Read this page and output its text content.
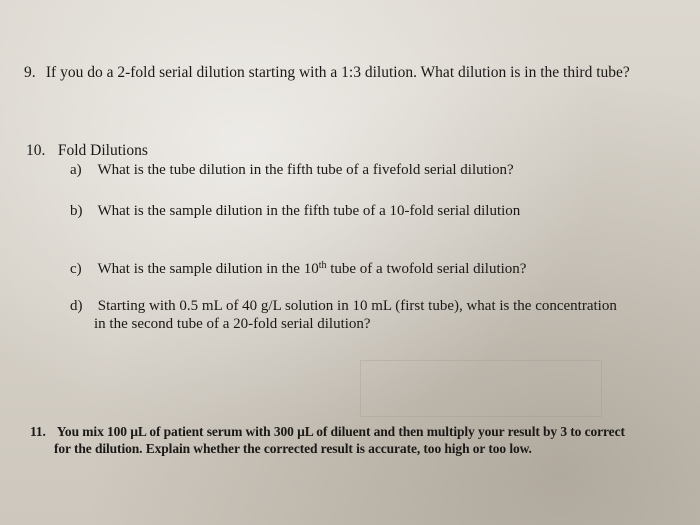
9. If you do a 2-fold serial dilution starting with a 1:3 dilution. What dilution is in the third tube?

10. Fold Dilutions

a) What is the tube dilution in the fifth tube of a fivefold serial dilution?

b) What is the sample dilution in the fifth tube of a 10-fold serial dilution

c) What is the sample dilution in the 10th tube of a twofold serial dilution?

d) Starting with 0.5 mL of 40 g/L solution in 10 mL (first tube), what is the concentration
in the second tube of a 20-fold serial dilution?

11. You mix 100 µL of patient serum with 300 µL of diluent and then multiply your result by 3 to correct
for the dilution. Explain whether the corrected result is accurate, too high or too low.
